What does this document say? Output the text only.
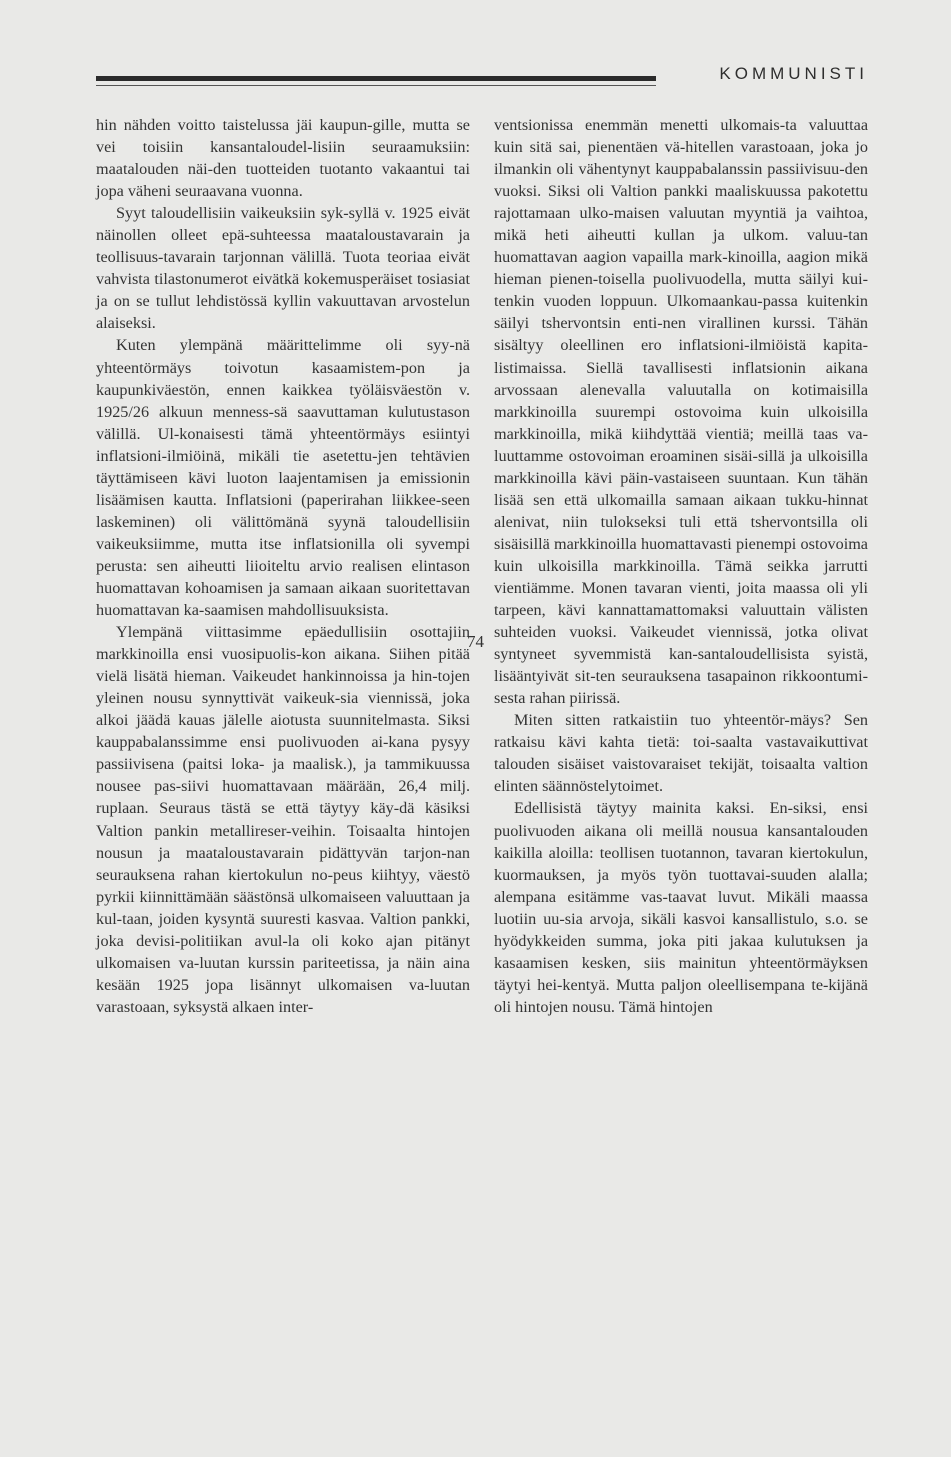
KOMMUNISTI

hin nähden voitto taistelussa jäi kaupun-gille, mutta se vei toisiin kansantaloudel-lisiin seuraamuksiin: maatalouden näi-den tuotteiden tuotanto vakaantui tai jopa väheni seuraavana vuonna.

Syyt taloudellisiin vaikeuksiin syk-syllä v. 1925 eivät näinollen olleet epä-suhteessa maataloustavarain ja teollisuus-tavarain tarjonnan välillä. Tuota teoriaa eivät vahvista tilastonumerot eivätkä kokemusperäiset tosiasiat ja on se tullut lehdistössä kyllin vakuuttavan arvostelun alaiseksi.

Kuten ylempänä määrittelimme oli syy-nä yhteentörmäys toivotun kasaamistem-pon ja kaupunkiväestön, ennen kaikkea työläisväestön v. 1925/26 alkuun menness-sä saavuttaman kulutustason välillä. Ul-konaisesti tämä yhteentörmäys esiintyi inflatsioni-ilmiöinä, mikäli tie asetettu-jen tehtävien täyttämiseen kävi luoton laajentamisen ja emissionin lisäämisen kautta. Inflatsioni (paperirahan liikkee-seen laskeminen) oli välittömänä syynä taloudellisiin vaikeuksiimme, mutta itse inflatsionilla oli syvempi perusta: sen aiheutti liioiteltu arvio realisen elintason huomattavan kohoamisen ja samaan aikaan suoritettavan huomattavan ka-saamisen mahdollisuuksista.

Ylempänä viittasimme epäedullisiin osottajiin markkinoilla ensi vuosipuolis-kon aikana. Siihen pitää vielä lisätä hieman. Vaikeudet hankinnoissa ja hin-tojen yleinen nousu synnyttivät vaikeuk-sia viennissä, joka alkoi jäädä kauas jälelle aiotusta suunnitelmasta. Siksi kauppabalanssimme ensi puolivuoden ai-kana pysyy passiivisena (paitsi loka- ja maalisk.), ja tammikuussa nousee pas-siivi huomattavaan määrään, 26,4 milj. ruplaan. Seuraus tästä se että täytyy käy-dä käsiksi Valtion pankin metallireser-veihin. Toisaalta hintojen nousun ja maataloustavarain pidättyvän tarjon-nan seurauksena rahan kiertokulun no-peus kiihtyy, väestö pyrkii kiinnittämään säästönsä ulkomaiseen valuuttaan ja kul-taan, joiden kysyntä suuresti kasvaa. Valtion pankki, joka devisi-politiikan avul-la oli koko ajan pitänyt ulkomaisen va-luutan kurssin pariteetissa, ja näin aina kesään 1925 jopa lisännyt ulkomaisen va-luutan varastoaan, syksystä alkaen inter-

ventsionissa enemmän menetti ulkomais-ta valuuttaa kuin sitä sai, pienentäen vä-hitellen varastoaan, joka jo ilmankin oli vähentynyt kauppabalanssin passiivisuu-den vuoksi. Siksi oli Valtion pankki maaliskuussa pakotettu rajottamaan ulko-maisen valuutan myyntiä ja vaihtoa, mikä heti aiheutti kullan ja ulkom. valuu-tan huomattavan aagion vapailla mark-kinoilla, aagion mikä hieman pienen-toisella puolivuodella, mutta säilyi kui-tenkin vuoden loppuun. Ulkomaankau-passa kuitenkin säilyi tshervontsin enti-nen virallinen kurssi. Tähän sisältyy oleellinen ero inflatsioni-ilmiöistä kapita-listimaissa. Siellä tavallisesti inflatsionin aikana arvossaan alenevalla valuutalla on kotimaisilla markkinoilla suurempi ostovoima kuin ulkoisilla markkinoilla, mikä kiihdyttää vientiä; meillä taas va-luuttamme ostovoiman eroaminen sisäi-sillä ja ulkoisilla markkinoilla kävi päin-vastaiseen suuntaan. Kun tähän lisää sen että ulkomailla samaan aikaan tukku-hinnat alenivat, niin tulokseksi tuli että tshervontsilla oli sisäisillä markkinoilla huomattavasti pienempi ostovoima kuin ulkoisilla markkinoilla. Tämä seikka jarrutti vientiämme. Monen tavaran vienti, joita maassa oli yli tarpeen, kävi kannattamattomaksi valuuttain välisten suhteiden vuoksi. Vaikeudet viennissä, jotka olivat syntyneet syvemmistä kan-santaloudellisista syistä, lisääntyivät sit-ten seurauksena tasapainon rikkoontumi-sesta rahan piirissä.

Miten sitten ratkaistiin tuo yhteentör-mäys? Sen ratkaisu kävi kahta tietä: toi-saalta vastavaikuttivat talouden sisäiset vaistovaraiset tekijät, toisaalta valtion elinten säännöstelytoimet.

Edellisistä täytyy mainita kaksi. En-siksi, ensi puolivuoden aikana oli meillä nousua kansantalouden kaikilla aloilla: teollisen tuotannon, tavaran kiertokulun, kuormauksen, ja myös työn tuottavai-suuden alalla; alempana esitämme vas-taavat luvut. Mikäli maassa luotiin uu-sia arvoja, sikäli kasvoi kansallistulo, s.o. se hyödykkeiden summa, joka piti jakaa kulutuksen ja kasaamisen kesken, siis mainitun yhteentörmäyksen täytyi hei-kentyä. Mutta paljon oleellisempana te-kijänä oli hintojen nousu. Tämä hintojen

74
